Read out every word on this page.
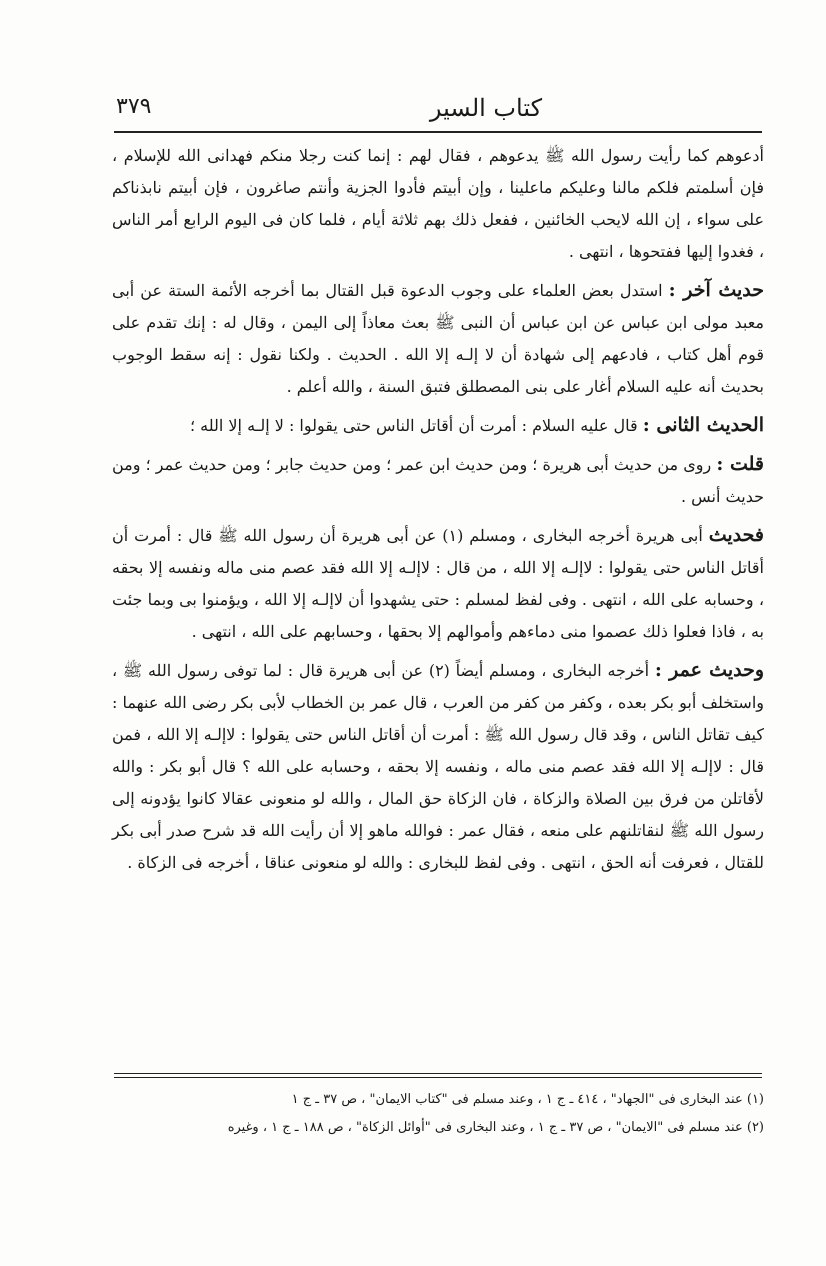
كتاب السير
٣٧٩

أدعوهم كما رأيت رسول الله ﷺ يدعوهم ، فقال لهم : إنما كنت رجلا منكم فهدانى الله للإسلام ، فإن أسلمتم فلكم مالنا وعليكم ماعلينا ، وإن أبيتم فأدوا الجزية وأنتم صاغرون ، فإن أبيتم نابذناكم على سواء ، إن الله لايحب الخائنين ، ففعل ذلك بهم ثلاثة أيام ، فلما كان فى اليوم الرابع أمر الناس ، فغدوا إليها ففتحوها ، انتهى .

حديث آخر : استدل بعض العلماء على وجوب الدعوة قبل القتال بما أخرجه الأئمة الستة عن أبى معبد مولى ابن عباس عن ابن عباس أن النبى ﷺ بعث معاذاً إلى اليمن ، وقال له : إنك تقدم على قوم أهل كتاب ، فادعهم إلى شهادة أن لا إلـه إلا الله . الحديث . ولكنا نقول : إنه سقط الوجوب بحديث أنه عليه السلام أغار على بنى المصطلق فتبق السنة ، والله أعلم .

الحديث الثانى : قال عليه السلام : أمرت أن أقاتل الناس حتى يقولوا : لا إلـه إلا الله ؛

قلت : روى من حديث أبى هريرة ؛ ومن حديث ابن عمر ؛ ومن حديث جابر ؛ ومن حديث عمر ؛ ومن حديث أنس .

فحديث أبى هريرة أخرجه البخارى ، ومسلم (١) عن أبى هريرة أن رسول الله ﷺ قال : أمرت أن أقاتل الناس حتى يقولوا : لاإلـه إلا الله ، من قال : لاإلـه إلا الله فقد عصم منى ماله ونفسه إلا بحقه ، وحسابه على الله ، انتهى . وفى لفظ لمسلم : حتى يشهدوا أن لاإلـه إلا الله ، ويؤمنوا بى وبما جئت به ، فاذا فعلوا ذلك عصموا منى دماءهم وأموالهم إلا بحقها ، وحسابهم على الله ، انتهى .

وحديث عمر : أخرجه البخارى ، ومسلم أيضاً (٢) عن أبى هريرة قال : لما توفى رسول الله ﷺ ، واستخلف أبو بكر بعده ، وكفر من كفر من العرب ، قال عمر بن الخطاب لأبى بكر رضى الله عنهما : كيف تقاتل الناس ، وقد قال رسول الله ﷺ : أمرت أن أقاتل الناس حتى يقولوا : لاإلـه إلا الله ، فمن قال : لاإلـه إلا الله فقد عصم منى ماله ، ونفسه إلا بحقه ، وحسابه على الله ؟ قال أبو بكر : والله لأقاتلن من فرق بين الصلاة والزكاة ، فان الزكاة حق المال ، والله لو منعونى عقالا كانوا يؤدونه إلى رسول الله ﷺ لنقاتلنهم على منعه ، فقال عمر : فوالله ماهو إلا أن رأيت الله قد شرح صدر أبى بكر للقتال ، فعرفت أنه الحق ، انتهى . وفى لفظ للبخارى : والله لو منعونى عناقا ، أخرجه فى الزكاة .

(١) عند البخارى فى "الجهاد" ، ٤١٤ ـ ج ١ ، وعند مسلم فى "كتاب الايمان" ، ص ٣٧ ـ ج ١

(٢) عند مسلم فى "الايمان" ، ص ٣٧ ـ ج ١ ، وعند البخارى فى "أوائل الزكاة" ، ص ١٨٨ ـ ج ١ ، وغيره
